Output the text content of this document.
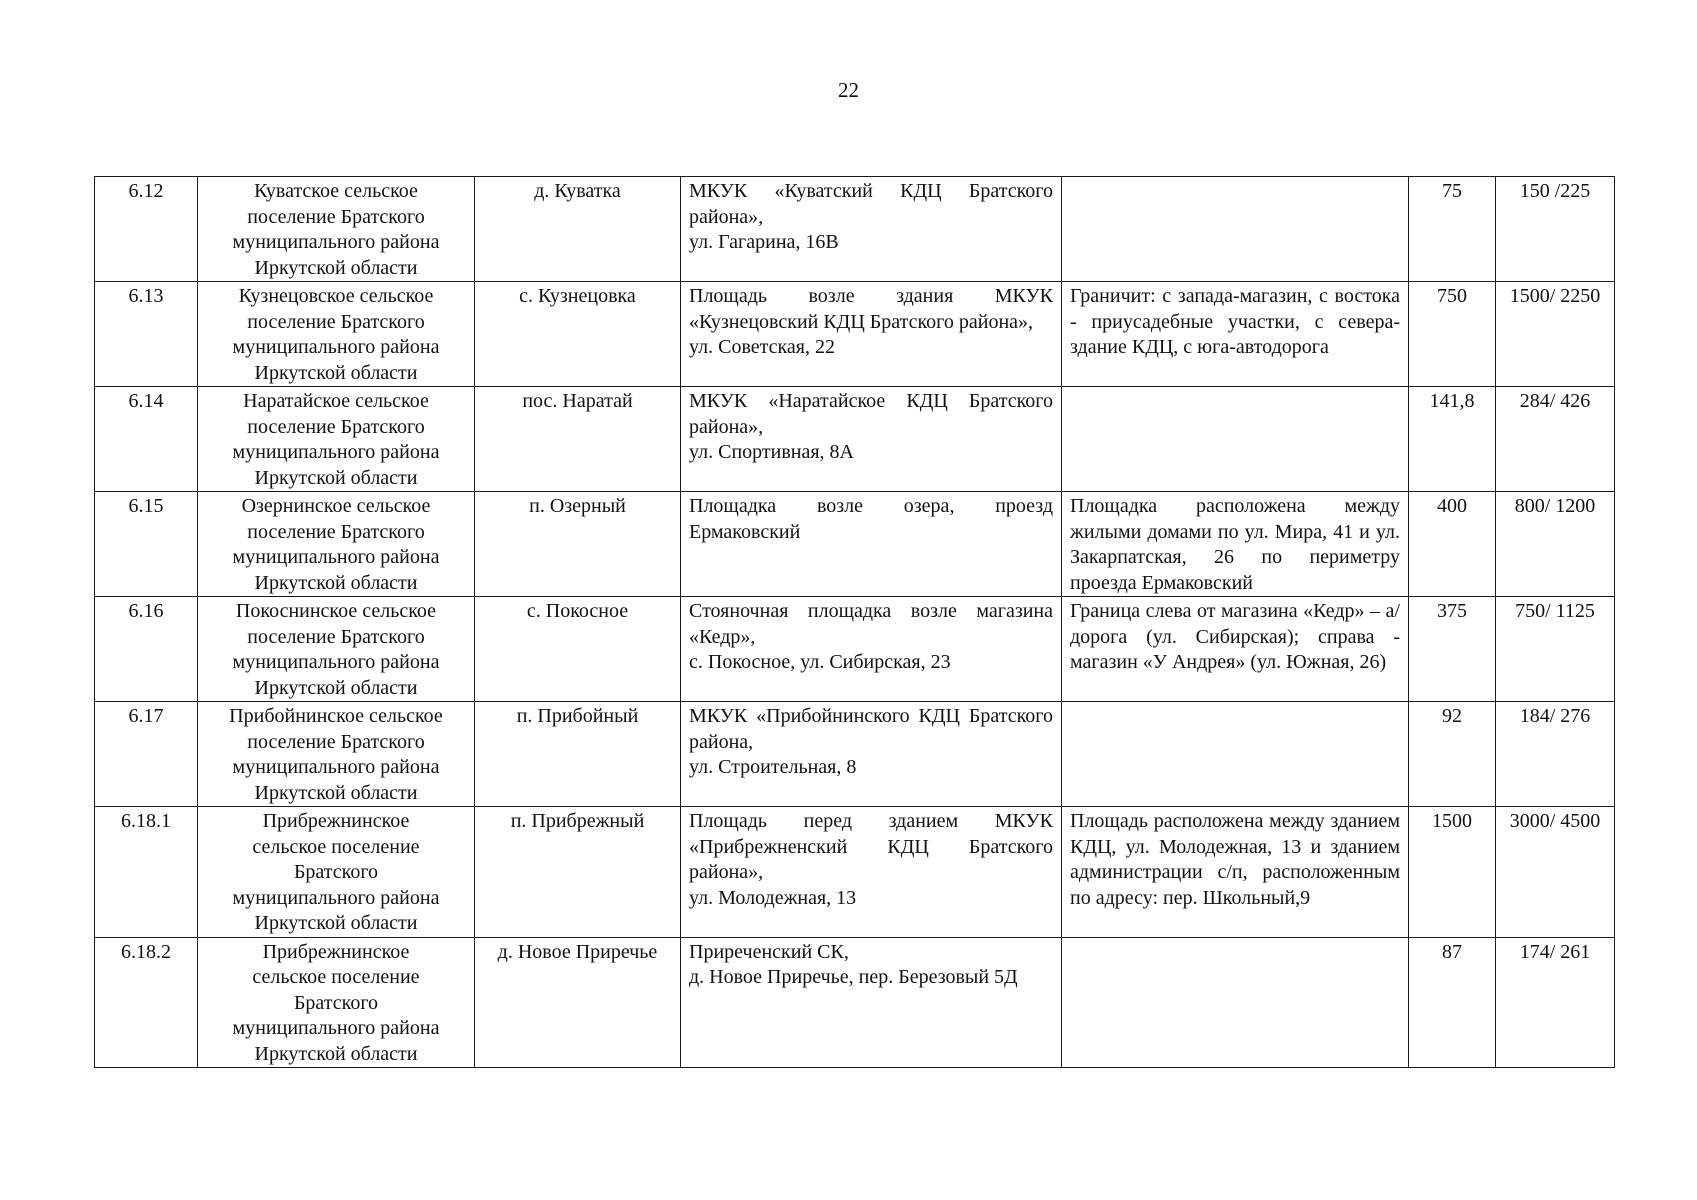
22
6.12	Куватское сельское
поселение Братского
муниципального района
Иркутской области	д. Куватка	МКУК «Куватский КДЦ Братского района»,
ул. Гагарина, 16В		75	150 /225
6.13	Кузнецовское сельское
поселение Братского
муниципального района
Иркутской области	с. Кузнецовка	Площадь возле здания МКУК «Кузнецовский КДЦ Братского района»,
ул. Советская, 22	Граничит: с запада-магазин, с востока - приусадебные участки, с севера-здание КДЦ, с юга-автодорога	750	1500/ 2250
6.14	Наратайское сельское
поселение Братского
муниципального района
Иркутской области	пос. Наратай	МКУК «Наратайское КДЦ Братского района»,
ул. Спортивная, 8А		141,8	284/ 426
6.15	Озернинское сельское
поселение Братского
муниципального района
Иркутской области	п. Озерный	Площадка возле озера, проезд Ермаковский	Площадка расположена между жилыми домами по ул. Мира, 41 и ул. Закарпатская, 26 по периметру проезда Ермаковский	400	800/ 1200
6.16	Покоснинское сельское
поселение Братского
муниципального района
Иркутской области	с. Покосное	Стояночная площадка возле магазина «Кедр»,
с. Покосное, ул. Сибирская, 23	Граница слева от магазина «Кедр» – а/дорога (ул. Сибирская); справа - магазин «У Андрея» (ул. Южная, 26)	375	750/ 1125
6.17	Прибойнинское сельское
поселение Братского
муниципального района
Иркутской области	п. Прибойный	МКУК «Прибойнинского КДЦ Братского района,
ул. Строительная, 8		92	184/ 276
6.18.1	Прибрежнинское
сельское поселение
Братского
муниципального района
Иркутской области	п. Прибрежный	Площадь перед зданием МКУК «Прибрежненский КДЦ Братского района»,
ул. Молодежная, 13	Площадь расположена между зданием КДЦ, ул. Молодежная, 13 и зданием администрации с/п, расположенным по адресу: пер. Школьный,9	1500	3000/ 4500
6.18.2	Прибрежнинское
сельское поселение
Братского
муниципального района
Иркутской области	д. Новое Приречье	Приреченский СК,
д. Новое Приречье, пер. Березовый 5Д		87	174/ 261
